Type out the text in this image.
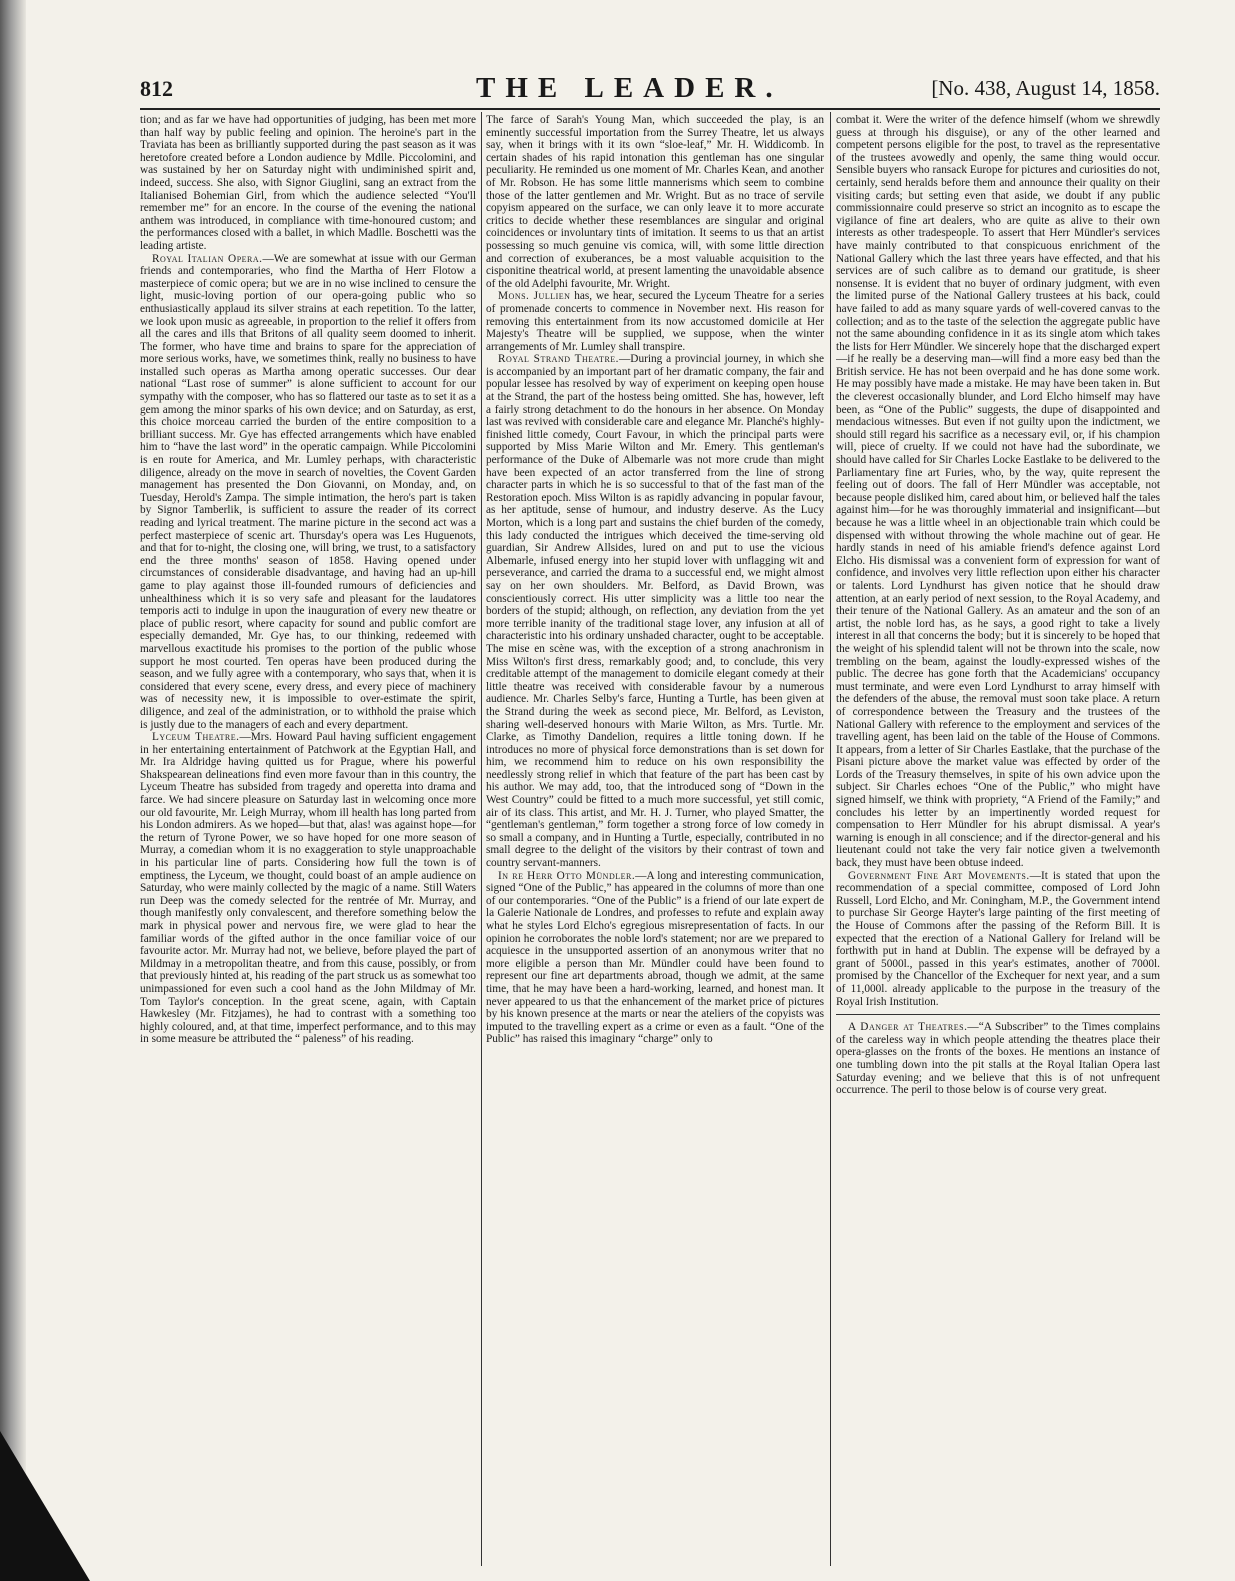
812	THE LEADER.	[No. 438, August 14, 1858.

tion; and as far we have had opportunities of judging, has been met more than half way by public feeling and opinion. The heroine's part in the Traviata has been as brilliantly supported during the past season as it was heretofore created before a London audience by Mdlle. Piccolomini, and was sustained by her on Saturday night with undiminished spirit and, indeed, success. She also, with Signor Giuglini, sang an extract from the Italianised Bohemian Girl, from which the audience selected “You'll remember me” for an encore. In the course of the evening the national anthem was introduced, in compliance with time-honoured custom; and the performances closed with a ballet, in which Madlle. Boschetti was the leading artiste.

Royal Italian Opera.—We are somewhat at issue with our German friends and contemporaries, who find the Martha of Herr Flotow a masterpiece of comic opera; but we are in no wise inclined to censure the light, music-loving portion of our opera-going public who so enthusiastically applaud its silver strains at each repetition. To the latter, we look upon music as agreeable, in proportion to the relief it offers from all the cares and ills that Britons of all quality seem doomed to inherit. The former, who have time and brains to spare for the appreciation of more serious works, have, we sometimes think, really no business to have installed such operas as Martha among operatic successes. Our dear national “Last rose of summer” is alone sufficient to account for our sympathy with the composer, who has so flattered our taste as to set it as a gem among the minor sparks of his own device; and on Saturday, as erst, this choice morceau carried the burden of the entire composition to a brilliant success. Mr. Gye has effected arrangements which have enabled him to “have the last word” in the operatic campaign. While Piccolomini is en route for America, and Mr. Lumley perhaps, with characteristic diligence, already on the move in search of novelties, the Covent Garden management has presented the Don Giovanni, on Monday, and, on Tuesday, Herold's Zampa. The simple intimation, the hero's part is taken by Signor Tamberlik, is sufficient to assure the reader of its correct reading and lyrical treatment. The marine picture in the second act was a perfect masterpiece of scenic art. Thursday's opera was Les Huguenots, and that for to-night, the closing one, will bring, we trust, to a satisfactory end the three months' season of 1858. Having opened under circumstances of considerable disadvantage, and having had an up-hill game to play against those ill-founded rumours of deficiencies and unhealthiness which it is so very safe and pleasant for the laudatores temporis acti to indulge in upon the inauguration of every new theatre or place of public resort, where capacity for sound and public comfort are especially demanded, Mr. Gye has, to our thinking, redeemed with marvellous exactitude his promises to the portion of the public whose support he most courted. Ten operas have been produced during the season, and we fully agree with a contemporary, who says that, when it is considered that every scene, every dress, and every piece of machinery was of necessity new, it is impossible to over-estimate the spirit, diligence, and zeal of the administration, or to withhold the praise which is justly due to the managers of each and every department.

Lyceum Theatre.—Mrs. Howard Paul having sufficient engagement in her entertaining entertainment of Patchwork at the Egyptian Hall, and Mr. Ira Aldridge having quitted us for Prague, where his powerful Shakspearean delineations find even more favour than in this country, the Lyceum Theatre has subsided from tragedy and operetta into drama and farce. We had sincere pleasure on Saturday last in welcoming once more our old favourite, Mr. Leigh Murray, whom ill health has long parted from his London admirers. As we hoped—but that, alas! was against hope—for the return of Tyrone Power, we so have hoped for one more season of Murray, a comedian whom it is no exaggeration to style unapproachable in his particular line of parts. Considering how full the town is of emptiness, the Lyceum, we thought, could boast of an ample audience on Saturday, who were mainly collected by the magic of a name. Still Waters run Deep was the comedy selected for the rentrée of Mr. Murray, and though manifestly only convalescent, and therefore something below the mark in physical power and nervous fire, we were glad to hear the familiar words of the gifted author in the once familiar voice of our favourite actor. Mr. Murray had not, we believe, before played the part of Mildmay in a metropolitan theatre, and from this cause, possibly, or from that previously hinted at, his reading of the part struck us as somewhat too unimpassioned for even such a cool hand as the John Mildmay of Mr. Tom Taylor's conception. In the great scene, again, with Captain Hawkesley (Mr. Fitzjames), he had to contrast with a something too highly coloured, and, at that time, imperfect performance, and to this may in some measure be attributed the “ paleness” of his reading.

The farce of Sarah's Young Man, which succeeded the play, is an eminently successful importation from the Surrey Theatre, let us always say, when it brings with it its own “sloe-leaf,” Mr. H. Widdicomb. In certain shades of his rapid intonation this gentleman has one singular peculiarity. He reminded us one moment of Mr. Charles Kean, and another of Mr. Robson. He has some little mannerisms which seem to combine those of the latter gentlemen and Mr. Wright. But as no trace of servile copyism appeared on the surface, we can only leave it to more accurate critics to decide whether these resemblances are singular and original coincidences or involuntary tints of imitation. It seems to us that an artist possessing so much genuine vis comica, will, with some little direction and correction of exuberances, be a most valuable acquisition to the cisponitine theatrical world, at present lamenting the unavoidable absence of the old Adelphi favourite, Mr. Wright.

Mons. Jullien has, we hear, secured the Lyceum Theatre for a series of promenade concerts to commence in November next. His reason for removing this entertainment from its now accustomed domicile at Her Majesty's Theatre will be supplied, we suppose, when the winter arrangements of Mr. Lumley shall transpire.

Royal Strand Theatre.—During a provincial journey, in which she is accompanied by an important part of her dramatic company, the fair and popular lessee has resolved by way of experiment on keeping open house at the Strand, the part of the hostess being omitted. She has, however, left a fairly strong detachment to do the honours in her absence. On Monday last was revived with considerable care and elegance Mr. Planché's highly-finished little comedy, Court Favour, in which the principal parts were supported by Miss Marie Wilton and Mr. Emery. This gentleman's performance of the Duke of Albemarle was not more crude than might have been expected of an actor transferred from the line of strong character parts in which he is so successful to that of the fast man of the Restoration epoch. Miss Wilton is as rapidly advancing in popular favour, as her aptitude, sense of humour, and industry deserve. As the Lucy Morton, which is a long part and sustains the chief burden of the comedy, this lady conducted the intrigues which deceived the time-serving old guardian, Sir Andrew Allsides, lured on and put to use the vicious Albemarle, infused energy into her stupid lover with unflagging wit and perseverance, and carried the drama to a successful end, we might almost say on her own shoulders. Mr. Belford, as David Brown, was conscientiously correct. His utter simplicity was a little too near the borders of the stupid; although, on reflection, any deviation from the yet more terrible inanity of the traditional stage lover, any infusion at all of characteristic into his ordinary unshaded character, ought to be acceptable. The mise en scène was, with the exception of a strong anachronism in Miss Wilton's first dress, remarkably good; and, to conclude, this very creditable attempt of the management to domicile elegant comedy at their little theatre was received with considerable favour by a numerous audience. Mr. Charles Selby's farce, Hunting a Turtle, has been given at the Strand during the week as second piece, Mr. Belford, as Leviston, sharing well-deserved honours with Marie Wilton, as Mrs. Turtle. Mr. Clarke, as Timothy Dandelion, requires a little toning down. If he introduces no more of physical force demonstrations than is set down for him, we recommend him to reduce on his own responsibility the needlessly strong relief in which that feature of the part has been cast by his author. We may add, too, that the introduced song of “Down in the West Country” could be fitted to a much more successful, yet still comic, air of its class. This artist, and Mr. H. J. Turner, who played Smatter, the “gentleman's gentleman,” form together a strong force of low comedy in so small a company, and in Hunting a Turtle, especially, contributed in no small degree to the delight of the visitors by their contrast of town and country servant-manners.

In re Herr Otto Mündler.—A long and interesting communication, signed “One of the Public,” has appeared in the columns of more than one of our contemporaries. “One of the Public” is a friend of our late expert de la Galerie Nationale de Londres, and professes to refute and explain away what he styles Lord Elcho's egregious misrepresentation of facts. In our opinion he corroborates the noble lord's statement; nor are we prepared to acquiesce in the unsupported assertion of an anonymous writer that no more eligible a person than Mr. Mündler could have been found to represent our fine art departments abroad, though we admit, at the same time, that he may have been a hard-working, learned, and honest man. It never appeared to us that the enhancement of the market price of pictures by his known presence at the marts or near the ateliers of the copyists was imputed to the travelling expert as a crime or even as a fault. “One of the Public” has raised this imaginary “charge” only to

combat it. Were the writer of the defence himself (whom we shrewdly guess at through his disguise), or any of the other learned and competent persons eligible for the post, to travel as the representative of the trustees avowedly and openly, the same thing would occur. Sensible buyers who ransack Europe for pictures and curiosities do not, certainly, send heralds before them and announce their quality on their visiting cards; but setting even that aside, we doubt if any public commissionnaire could preserve so strict an incognito as to escape the vigilance of fine art dealers, who are quite as alive to their own interests as other tradespeople. To assert that Herr Mündler's services have mainly contributed to that conspicuous enrichment of the National Gallery which the last three years have effected, and that his services are of such calibre as to demand our gratitude, is sheer nonsense. It is evident that no buyer of ordinary judgment, with even the limited purse of the National Gallery trustees at his back, could have failed to add as many square yards of well-covered canvas to the collection; and as to the taste of the selection the aggregate public have not the same abounding confidence in it as its single atom which takes the lists for Herr Mündler. We sincerely hope that the discharged expert—if he really be a deserving man—will find a more easy bed than the British service. He has not been overpaid and he has done some work. He may possibly have made a mistake. He may have been taken in. But the cleverest occasionally blunder, and Lord Elcho himself may have been, as “One of the Public” suggests, the dupe of disappointed and mendacious witnesses. But even if not guilty upon the indictment, we should still regard his sacrifice as a necessary evil, or, if his champion will, piece of cruelty. If we could not have had the subordinate, we should have called for Sir Charles Locke Eastlake to be delivered to the Parliamentary fine art Furies, who, by the way, quite represent the feeling out of doors. The fall of Herr Mündler was acceptable, not because people disliked him, cared about him, or believed half the tales against him—for he was thoroughly immaterial and insignificant—but because he was a little wheel in an objectionable train which could be dispensed with without throwing the whole machine out of gear. He hardly stands in need of his amiable friend's defence against Lord Elcho. His dismissal was a convenient form of expression for want of confidence, and involves very little reflection upon either his character or talents. Lord Lyndhurst has given notice that he should draw attention, at an early period of next session, to the Royal Academy, and their tenure of the National Gallery. As an amateur and the son of an artist, the noble lord has, as he says, a good right to take a lively interest in all that concerns the body; but it is sincerely to be hoped that the weight of his splendid talent will not be thrown into the scale, now trembling on the beam, against the loudly-expressed wishes of the public. The decree has gone forth that the Academicians' occupancy must terminate, and were even Lord Lyndhurst to array himself with the defenders of the abuse, the removal must soon take place. A return of correspondence between the Treasury and the trustees of the National Gallery with reference to the employment and services of the travelling agent, has been laid on the table of the House of Commons. It appears, from a letter of Sir Charles Eastlake, that the purchase of the Pisani picture above the market value was effected by order of the Lords of the Treasury themselves, in spite of his own advice upon the subject. Sir Charles echoes “One of the Public,” who might have signed himself, we think with propriety, “A Friend of the Family;” and concludes his letter by an impertinently worded request for compensation to Herr Mündler for his abrupt dismissal. A year's warning is enough in all conscience; and if the director-general and his lieutenant could not take the very fair notice given a twelvemonth back, they must have been obtuse indeed.

Government Fine Art Movements.—It is stated that upon the recommendation of a special committee, composed of Lord John Russell, Lord Elcho, and Mr. Coningham, M.P., the Government intend to purchase Sir George Hayter's large painting of the first meeting of the House of Commons after the passing of the Reform Bill. It is expected that the erection of a National Gallery for Ireland will be forthwith put in hand at Dublin. The expense will be defrayed by a grant of 5000l., passed in this year's estimates, another of 7000l. promised by the Chancellor of the Exchequer for next year, and a sum of 11,000l. already applicable to the purpose in the treasury of the Royal Irish Institution.

A Danger at Theatres.—“A Subscriber” to the Times complains of the careless way in which people attending the theatres place their opera-glasses on the fronts of the boxes. He mentions an instance of one tumbling down into the pit stalls at the Royal Italian Opera last Saturday evening; and we believe that this is of not unfrequent occurrence. The peril to those below is of course very great.
